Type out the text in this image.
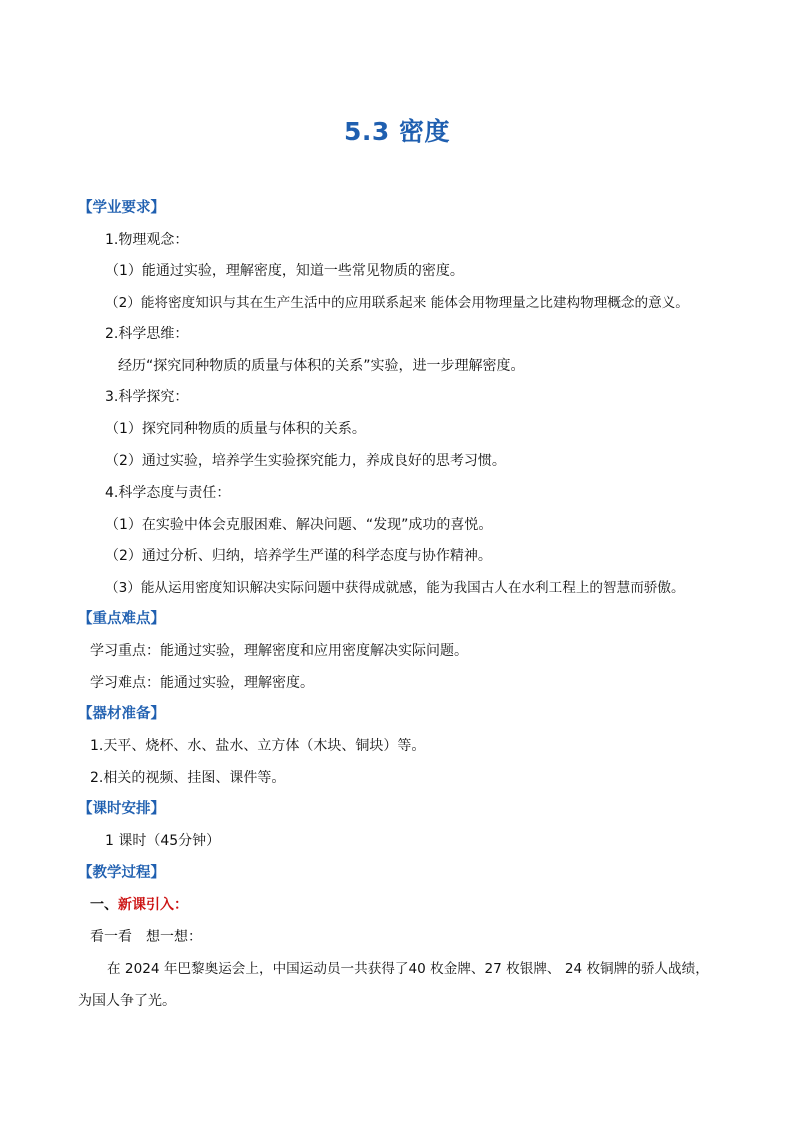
5.3 密度
【学业要求】
1.物理观念：
（1）能通过实验，理解密度，知道一些常见物质的密度。
（2）能将密度知识与其在生产生活中的应用联系起来 能体会用物理量之比建构物理概念的意义。
2.科学思维：
经历“探究同种物质的质量与体积的关系”实验，进一步理解密度。
3.科学探究：
（1）探究同种物质的质量与体积的关系。
（2）通过实验，培养学生实验探究能力，养成良好的思考习惯。
4.科学态度与责任：
（1）在实验中体会克服困难、解决问题、“发现”成功的喜悦。
（2）通过分析、归纳，培养学生严谨的科学态度与协作精神。
（3）能从运用密度知识解决实际问题中获得成就感，能为我国古人在水利工程上的智慧而骄傲。
【重点难点】
学习重点：能通过实验，理解密度和应用密度解决实际问题。
学习难点：能通过实验，理解密度。
【器材准备】
1.天平、烧杯、水、盐水、立方体（木块、铜块）等。
2.相关的视频、挂图、课件等。
【课时安排】
1 课时（45分钟）
【教学过程】
一、新课引入：
看一看　想一想：
在 2024 年巴黎奥运会上，中国运动员一共获得了40 枚金牌、27 枚银牌、 24 枚铜牌的骄人战绩，
为国人争了光。
